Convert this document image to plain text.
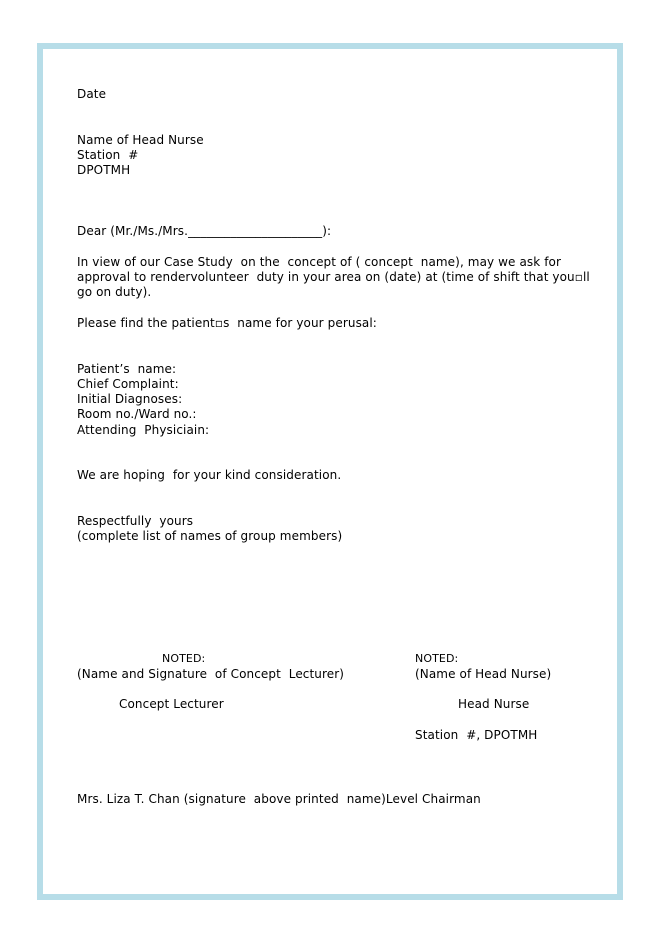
Date
Name of Head Nurse
Station  #
DPOTMH
Dear (Mr./Ms./Mrs.______________________):
In view of our Case Study  on the  concept of ( concept  name), may we ask for
approval to rendervolunteer  duty in your area on (date) at (time of shift that you▫ll
go on duty).
Please find the patient▫s  name for your perusal:
Patient’s  name:
Chief Complaint:
Initial Diagnoses:
Room no./Ward no.:
Attending  Physiciain:
We are hoping  for your kind consideration.
Respectfully  yours
(complete list of names of group members)
NOTED:
(Name and Signature  of Concept  Lecturer)
Concept Lecturer
NOTED:
(Name of Head Nurse)
Head Nurse
Station  #, DPOTMH
Mrs. Liza T. Chan (signature  above printed  name)Level Chairman
